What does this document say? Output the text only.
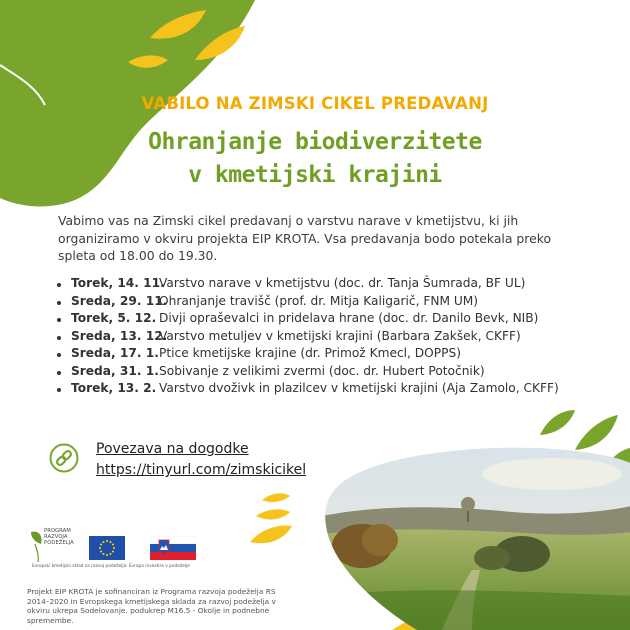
VABILO NA ZIMSKI CIKEL PREDAVANJ

Ohranjanje biodiverzitete
v kmetijski krajini

Vabimo vas na Zimski cikel predavanj o varstvu narave v kmetijstvu, ki jih organiziramo v okviru projekta EIP KROTA. Vsa predavanja bodo potekala preko spleta od 18.00 do 19.30.

Torek, 14. 11.Varstvo narave v kmetijstvu (doc. dr. Tanja Šumrada, BF UL)
Sreda, 29. 11.Ohranjanje travišč (prof. dr. Mitja Kaligarič, FNM UM)
Torek, 5. 12. Divji opraševalci in pridelava hrane (doc. dr. Danilo Bevk, NIB)
Sreda, 13. 12.Varstvo metuljev v kmetijski krajini (Barbara Zakšek, CKFF)
Sreda, 17. 1.Ptice kmetijske krajine (dr. Primož Kmecl, DOPPS)
Sreda, 31. 1.Sobivanje z velikimi zvermi (doc. dr. Hubert Potočnik)
Torek, 13. 2. Varstvo dvoživk in plazilcev v kmetijski krajini (Aja Zamolo, CKFF)

Povezava na dogodke

https://tinyurl.com/zimskicikel

PROGRAM
RAZVOJA
PODEŽELJA

Evropski kmetijski sklad za razvoj podeželja: Evropa investira v podeželje

Projekt EIP KROTA je sofinanciran iz Programa razvoja podeželja RS 2014–2020 in Evropskega kmetijskega sklada za razvoj podeželja v okviru ukrepa Sodelovanje. podukrep M16.5 - Okolje in podnebne spremembe.
